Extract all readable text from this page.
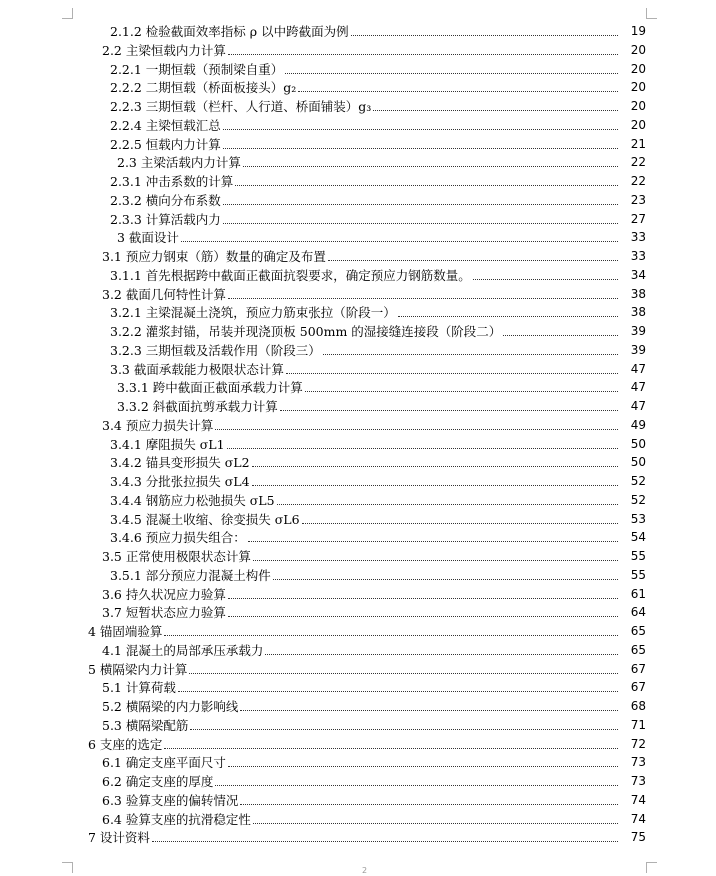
2.1.2 检验截面效率指标 ρ 以中跨截面为例	19
2.2 主梁恒载内力计算	20
2.2.1 一期恒载（预制梁自重）	20
2.2.2 二期恒载（桥面板接头）g₂	20
2.2.3 三期恒载（栏杆、人行道、桥面铺装）g₃	20
2.2.4 主梁恒载汇总	20
2.2.5 恒载内力计算	21
2.3 主梁活载内力计算	22
2.3.1 冲击系数的计算	22
2.3.2 横向分布系数	23
2.3.3 计算活载内力	27
3 截面设计	33
3.1 预应力钢束（筋）数量的确定及布置	33
3.1.1 首先根据跨中截面正截面抗裂要求，确定预应力钢筋数量。	34
3.2 截面几何特性计算	38
3.2.1 主梁混凝土浇筑，预应力筋束张拉（阶段一）	38
3.2.2 灌浆封锚，吊装并现浇顶板 500mm 的湿接缝连接段（阶段二）	39
3.2.3 三期恒载及活载作用（阶段三）	39
3.3 截面承载能力极限状态计算	47
3.3.1 跨中截面正截面承载力计算	47
3.3.2 斜截面抗剪承载力计算	47
3.4 预应力损失计算	49
3.4.1 摩阻损失 σL1	50
3.4.2 锚具变形损失 σL2	50
3.4.3 分批张拉损失 σL4	52
3.4.4 钢筋应力松弛损失 σL5	52
3.4.5 混凝土收缩、徐变损失 σL6	53
3.4.6 预应力损失组合：	54
3.5 正常使用极限状态计算	55
3.5.1 部分预应力混凝土构件	55
3.6 持久状况应力验算	61
3.7 短暂状态应力验算	64
4 锚固端验算	65
4.1 混凝土的局部承压承载力	65
5 横隔梁内力计算	67
5.1 计算荷载	67
5.2 横隔梁的内力影响线	68
5.3 横隔梁配筋	71
6 支座的选定	72
6.1 确定支座平面尺寸	73
6.2 确定支座的厚度	73
6.3 验算支座的偏转情况	74
6.4 验算支座的抗滑稳定性	74
7 设计资料	75
2
